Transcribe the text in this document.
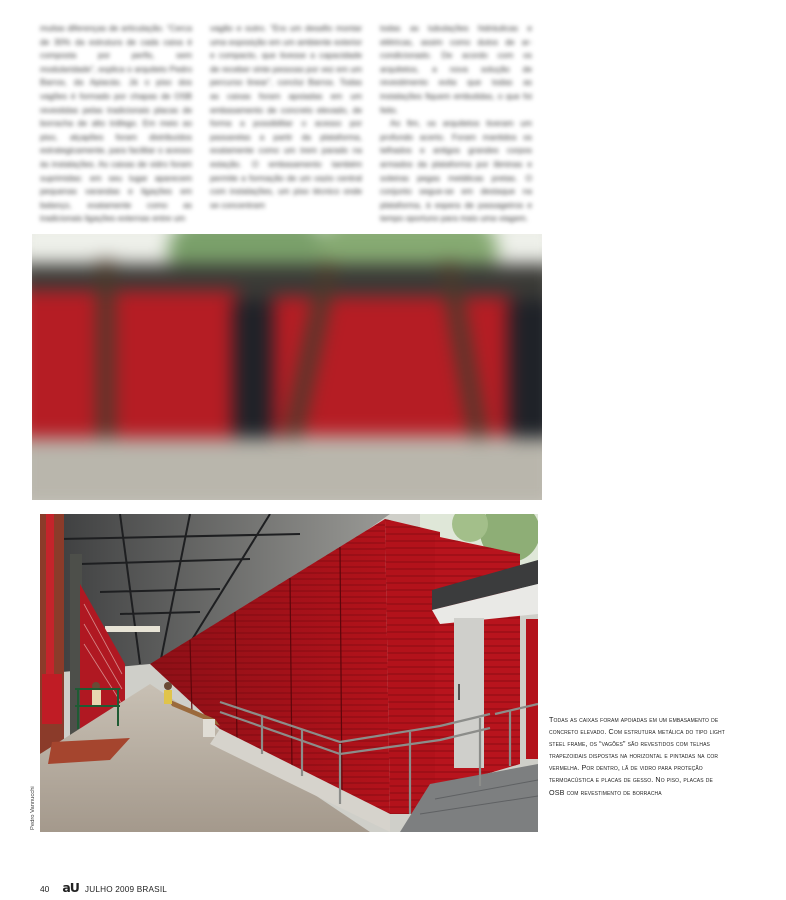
muitas diferenças de articulação. “Cerca de 30% da estrutura de cada caixa é composta por perfis, sem modularidade”, explica o arquiteto Pedro Barros, da Apiacás. Já o piso dos vagões é formado por chapas de OSB revestidas pelas tradicionais placas de borracha de alto tráfego. Em meio ao piso, alçapões foram distribuídos estrategicamente, para facilitar o acesso às instalações. As caixas de vidro foram suprimidas: em seu lugar aparecem pequenas varandas e ligações em balanço, exatamente como as tradicionais ligações externas entre um

vagão e outro. “Era um desafio montar uma exposição em um ambiente exterior e compacto, que tivesse a capacidade de receber vinte pessoas por vez em um percurso linear”, conclui Barros. Todas as caixas foram apoiadas em um embasamento de concreto elevado, de forma a possibilitar o acesso por passarelas a partir da plataforma, exatamente como um trem parado na estação. O embasamento também permite a formação de um vazio central com instalações, um piso técnico onde se concentram

todas as tubulações hidráulicas e elétricas, assim como dutos de ar-condicionado. De acordo com os arquitetos, a nova solução de revestimento evita que todas as instalações fiquem embutidas, o que foi feito.

Ao fim, os arquitetos tiveram um profundo acerto. Foram mantidos os telhados e antigos grandes corpos armados da plataforma por lâminas e soleiras pegas metálicas pretas. O conjunto segue-se em destaque na plataforma, à espera de passageiros e tempo oportuno para mais uma viagem.

Pedro Vannucchi
Todas as caixas foram apoiadas em um embasamento de concreto elevado. Com estrutura metálica do tipo light steel frame, os “vagões” são revestidos com telhas trapezoidais dispostas na horizontal e pintadas na cor vermelha. Por dentro, lã de vidro para proteção termoacústica e placas de gesso. No piso, placas de OSB com revestimento de borracha
40 aU JULHO 2009 BRASIL
